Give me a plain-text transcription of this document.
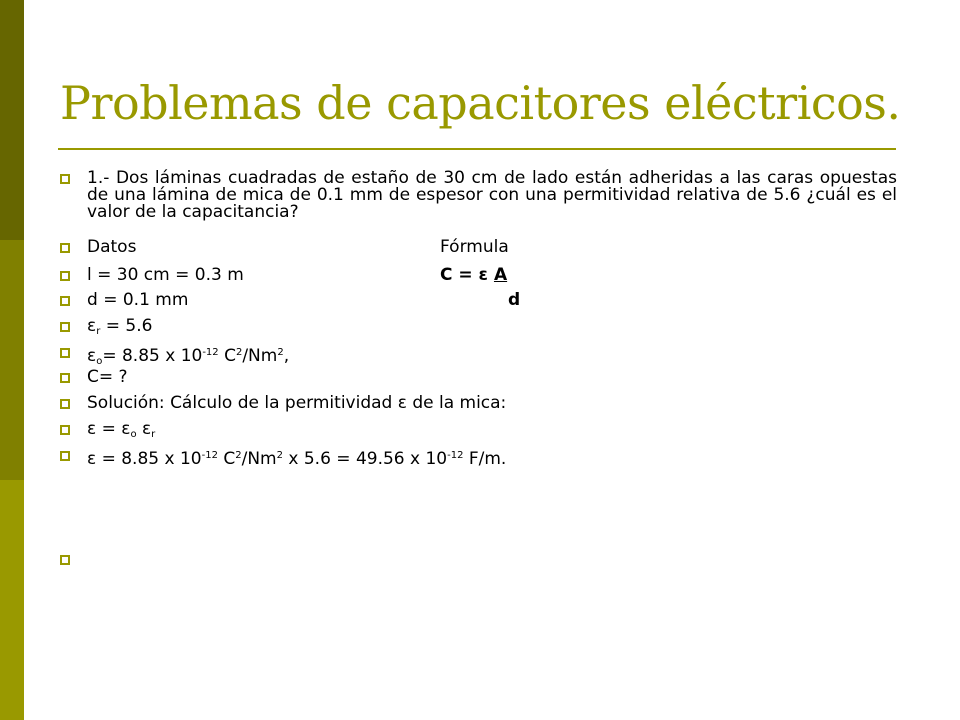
Problemas de capacitores eléctricos.
1.- Dos láminas cuadradas de estaño de 30 cm de lado están adheridas a las caras opuestas de una lámina de mica de 0.1 mm de espesor con una permitividad relativa de 5.6 ¿cuál es el valor de la capacitancia?
Datos	Fórmula
l = 30 cm = 0.3 m	C = ε A
d = 0.1 mm	d
$\varepsilon_r = 5.6$
$\varepsilon_o= 8.85$ x $10^{-12}$ $C^2/Nm^2$,
C= ?
Solución: Cálculo de la permitividad ε de la mica:
$\varepsilon = \varepsilon_o$ $\varepsilon_r$
ε = 8.85 x $10^{-12}$ $C^2/Nm^2$ x 5.6 = 49.56 x $10^{-12}$ F/m.
